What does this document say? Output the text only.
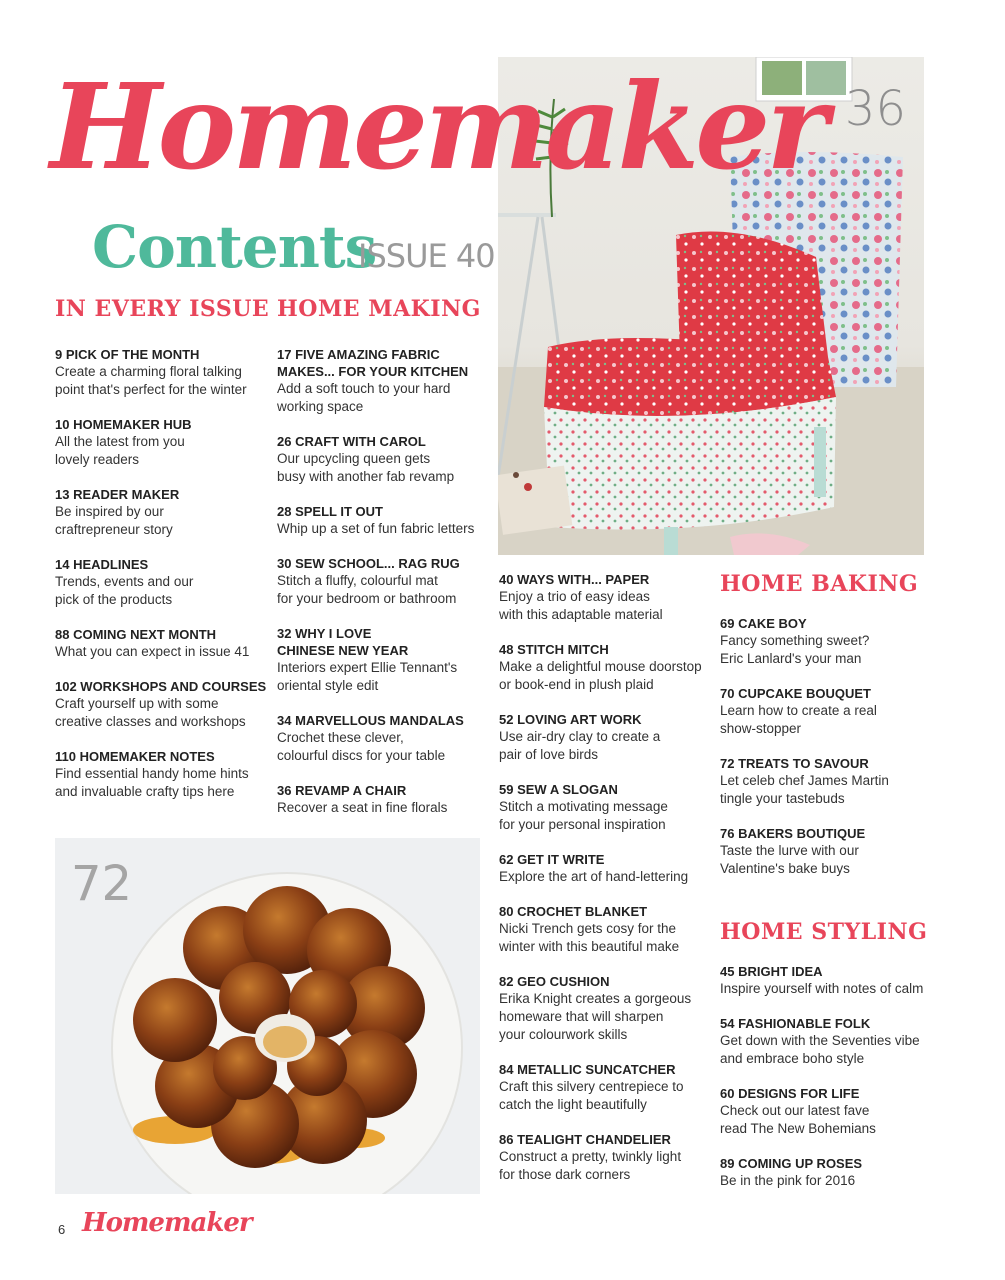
Homemaker
Contents
ISSUE 40
36
IN EVERY ISSUE
9 PICK OF THE MONTH
Create a charming floral talking
point that's perfect for the winter
10 HOMEMAKER HUB
All the latest from you
lovely readers
13 READER MAKER
Be inspired by our
craftrepreneur story
14 HEADLINES
Trends, events and our
pick of the products
88 COMING NEXT MONTH
What you can expect in issue 41
102 WORKSHOPS AND COURSES
Craft yourself up with some
creative classes and workshops
110 HOMEMAKER NOTES
Find essential handy home hints
and invaluable crafty tips here
HOME MAKING
17 FIVE AMAZING FABRIC
MAKES... FOR YOUR KITCHEN
Add a soft touch to your hard
working space
26 CRAFT WITH CAROL
Our upcycling queen gets
busy with another fab revamp
28 SPELL IT OUT
Whip up a set of fun fabric letters
30 SEW SCHOOL... RAG RUG
Stitch a fluffy, colourful mat
for your bedroom or bathroom
32 WHY I LOVE
CHINESE NEW YEAR
Interiors expert Ellie Tennant's
oriental style edit
34 MARVELLOUS MANDALAS
Crochet these clever,
colourful discs for your table
36 REVAMP A CHAIR
Recover a seat in fine florals
40 WAYS WITH... PAPER
Enjoy a trio of easy ideas
with this adaptable material
48 STITCH MITCH
Make a delightful mouse doorstop
or book-end in plush plaid
52 LOVING ART WORK
Use air-dry clay to create a
pair of love birds
59 SEW A SLOGAN
Stitch a motivating message
for your personal inspiration
62 GET IT WRITE
Explore the art of hand-lettering
80 CROCHET BLANKET
Nicki Trench gets cosy for the
winter with this beautiful make
82 GEO CUSHION
Erika Knight creates a gorgeous
homeware that will sharpen
your colourwork skills
84 METALLIC SUNCATCHER
Craft this silvery centrepiece to
catch the light beautifully
86 TEALIGHT CHANDELIER
Construct a pretty, twinkly light
for those dark corners
HOME BAKING
69 CAKE BOY
Fancy something sweet?
Eric Lanlard's your man
70 CUPCAKE BOUQUET
Learn how to create a real
show-stopper
72 TREATS TO SAVOUR
Let celeb chef James Martin
tingle your tastebuds
76 BAKERS BOUTIQUE
Taste the lurve with our
Valentine's bake buys
HOME STYLING
45 BRIGHT IDEA
Inspire yourself with notes of calm
54 FASHIONABLE FOLK
Get down with the Seventies vibe
and embrace boho style
60 DESIGNS FOR LIFE
Check out our latest fave
read The New Bohemians
89 COMING UP ROSES
Be in the pink for 2016
72
6 Homemaker
